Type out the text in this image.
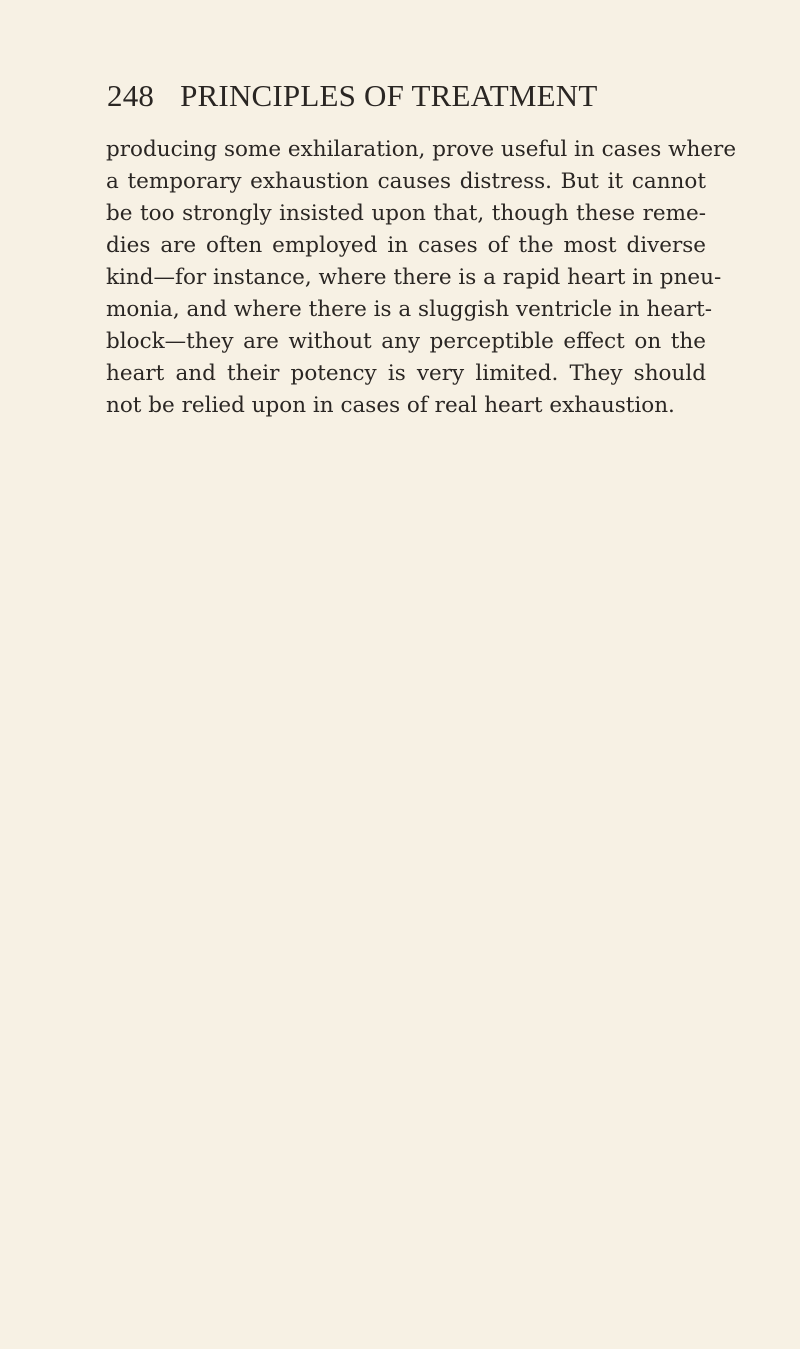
248 PRINCIPLES OF TREATMENT
producing some exhilaration, prove useful in cases where
a temporary exhaustion causes distress. But it cannot
be too strongly insisted upon that, though these reme-
dies are often employed in cases of the most diverse
kind—for instance, where there is a rapid heart in pneu-
monia, and where there is a sluggish ventricle in heart-
block—they are without any perceptible effect on the
heart and their potency is very limited. They should
not be relied upon in cases of real heart exhaustion.
